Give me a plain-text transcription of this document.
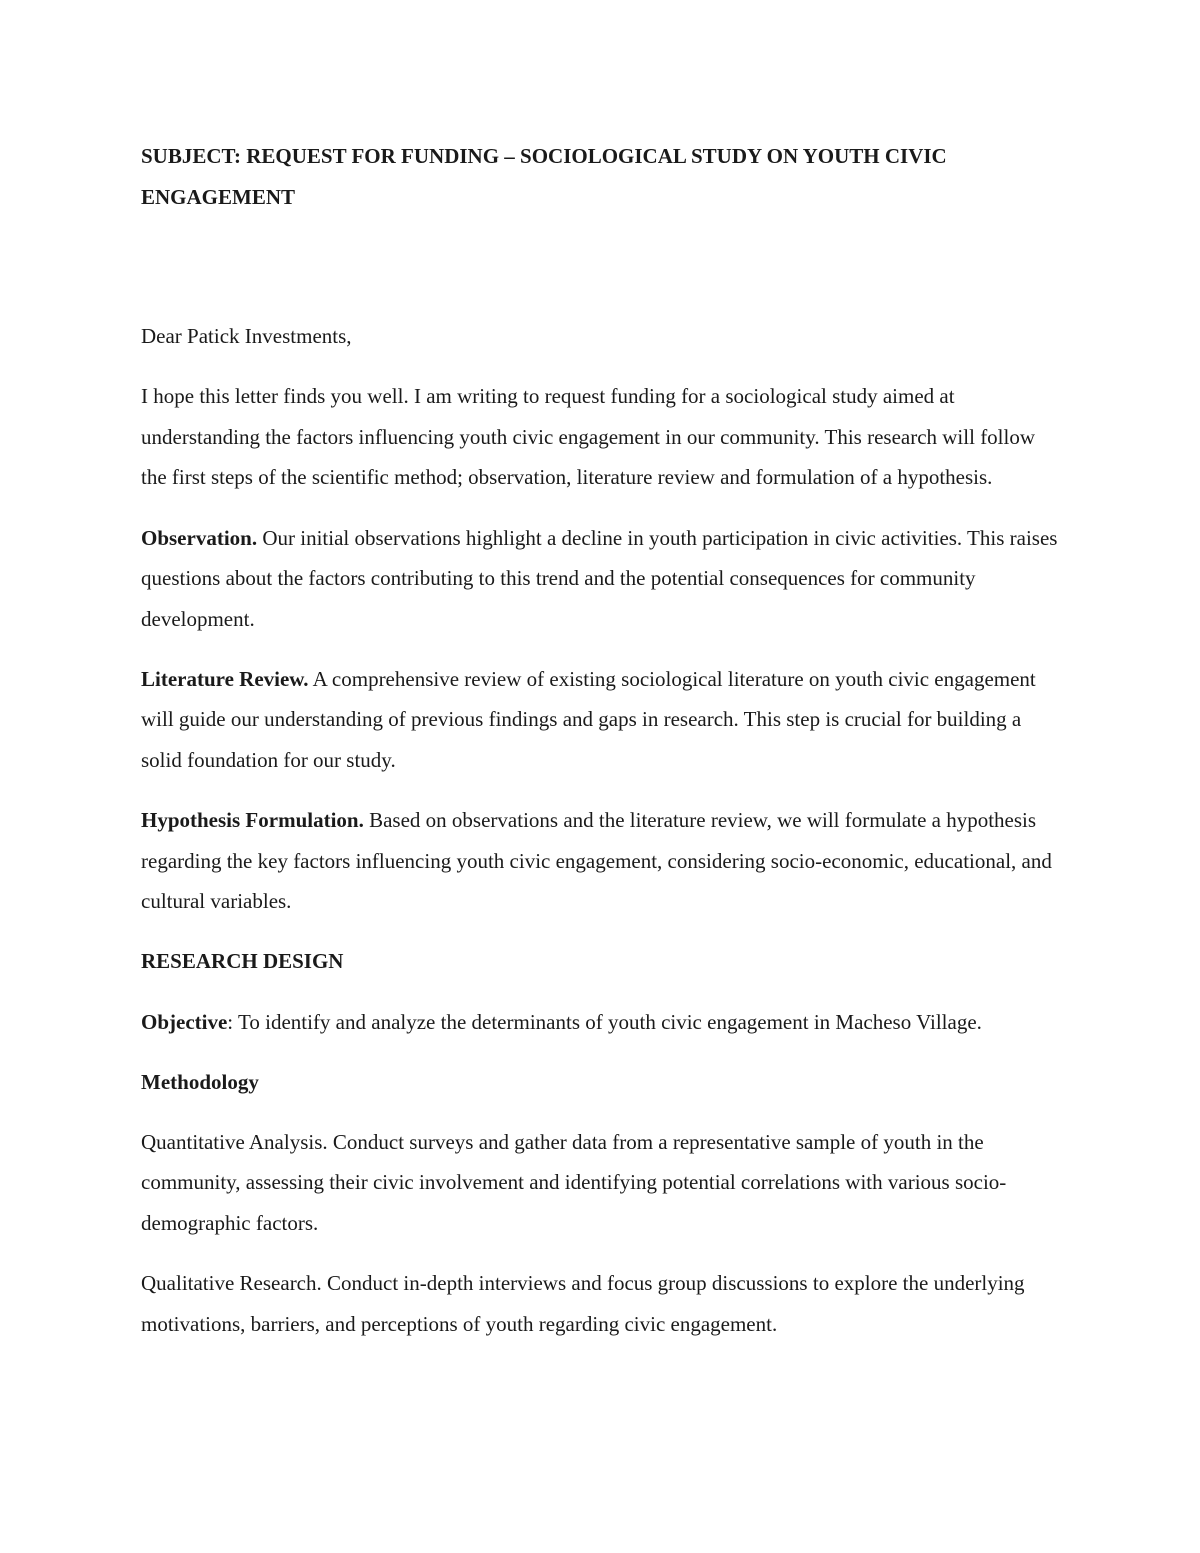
SUBJECT: REQUEST FOR FUNDING – SOCIOLOGICAL STUDY ON YOUTH CIVIC ENGAGEMENT

Dear Patick Investments,

I hope this letter finds you well. I am writing to request funding for a sociological study aimed at understanding the factors influencing youth civic engagement in our community. This research will follow the first steps of the scientific method; observation, literature review and formulation of a hypothesis.

Observation. Our initial observations highlight a decline in youth participation in civic activities. This raises questions about the factors contributing to this trend and the potential consequences for community development.

Literature Review. A comprehensive review of existing sociological literature on youth civic engagement will guide our understanding of previous findings and gaps in research. This step is crucial for building a solid foundation for our study.

Hypothesis Formulation. Based on observations and the literature review, we will formulate a hypothesis regarding the key factors influencing youth civic engagement, considering socio-economic, educational, and cultural variables.

RESEARCH DESIGN

Objective: To identify and analyze the determinants of youth civic engagement in Macheso Village.

Methodology

Quantitative Analysis. Conduct surveys and gather data from a representative sample of youth in the community, assessing their civic involvement and identifying potential correlations with various socio-demographic factors.

Qualitative Research. Conduct in-depth interviews and focus group discussions to explore the underlying motivations, barriers, and perceptions of youth regarding civic engagement.
